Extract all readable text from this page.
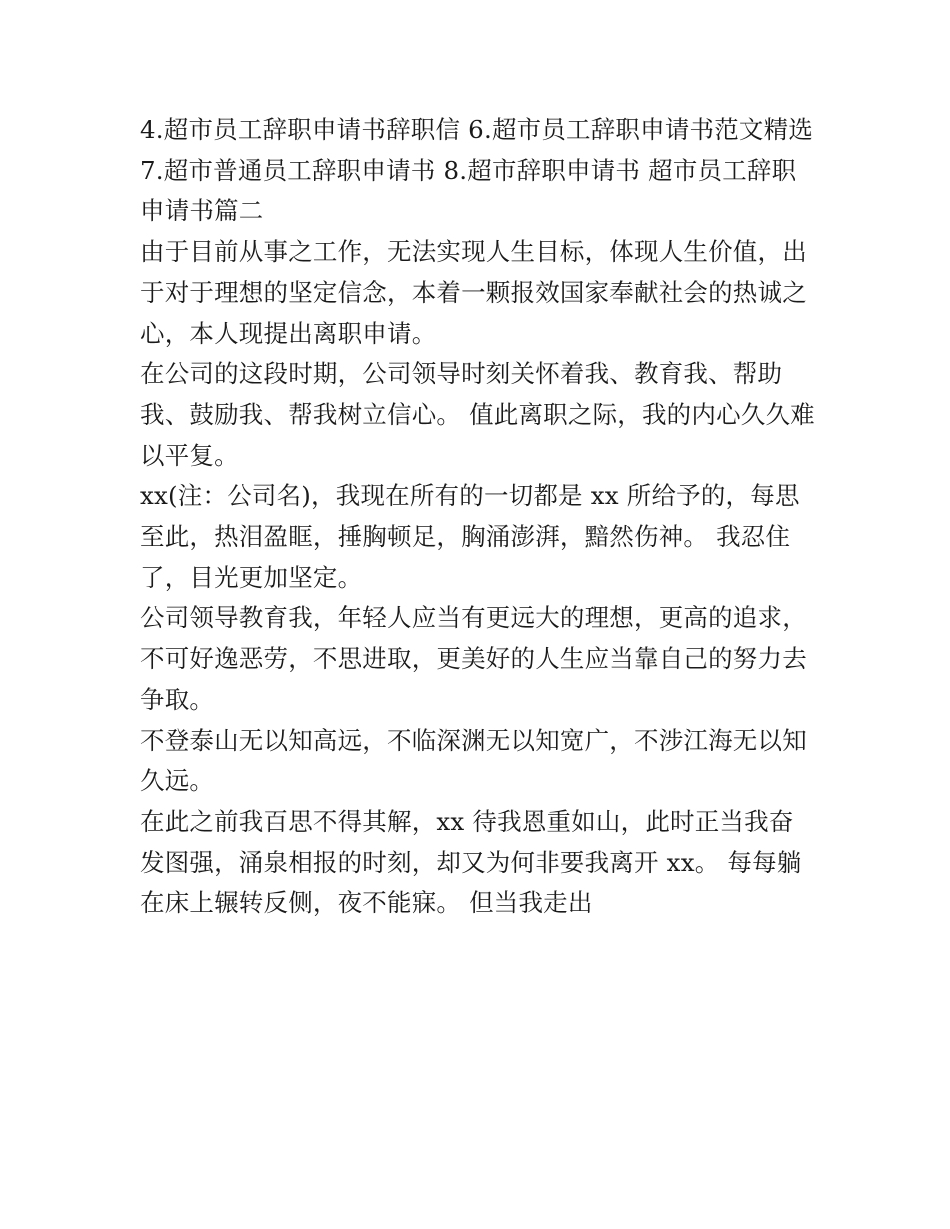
4.超市员工辞职申请书辞职信 6.超市员工辞职申请书范文精选 7.超市普通员工辞职申请书 8.超市辞职申请书 超市员工辞职申请书篇二

由于目前从事之工作，无法实现人生目标，体现人生价值，出于对于理想的坚定信念，本着一颗报效国家奉献社会的热诚之心，本人现提出离职申请。

在公司的这段时期，公司领导时刻关怀着我、教育我、帮助我、鼓励我、帮我树立信心。 值此离职之际，我的内心久久难以平复。

xx(注：公司名)，我现在所有的一切都是 xx 所给予的，每思至此，热泪盈眶，捶胸顿足，胸涌澎湃，黯然伤神。 我忍住了，目光更加坚定。

公司领导教育我，年轻人应当有更远大的理想，更高的追求，不可好逸恶劳，不思进取，更美好的人生应当靠自己的努力去争取。

不登泰山无以知高远，不临深渊无以知宽广，不涉江海无以知久远。

在此之前我百思不得其解，xx 待我恩重如山，此时正当我奋发图强，涌泉相报的时刻，却又为何非要我离开 xx。 每每躺在床上辗转反侧，夜不能寐。 但当我走出
